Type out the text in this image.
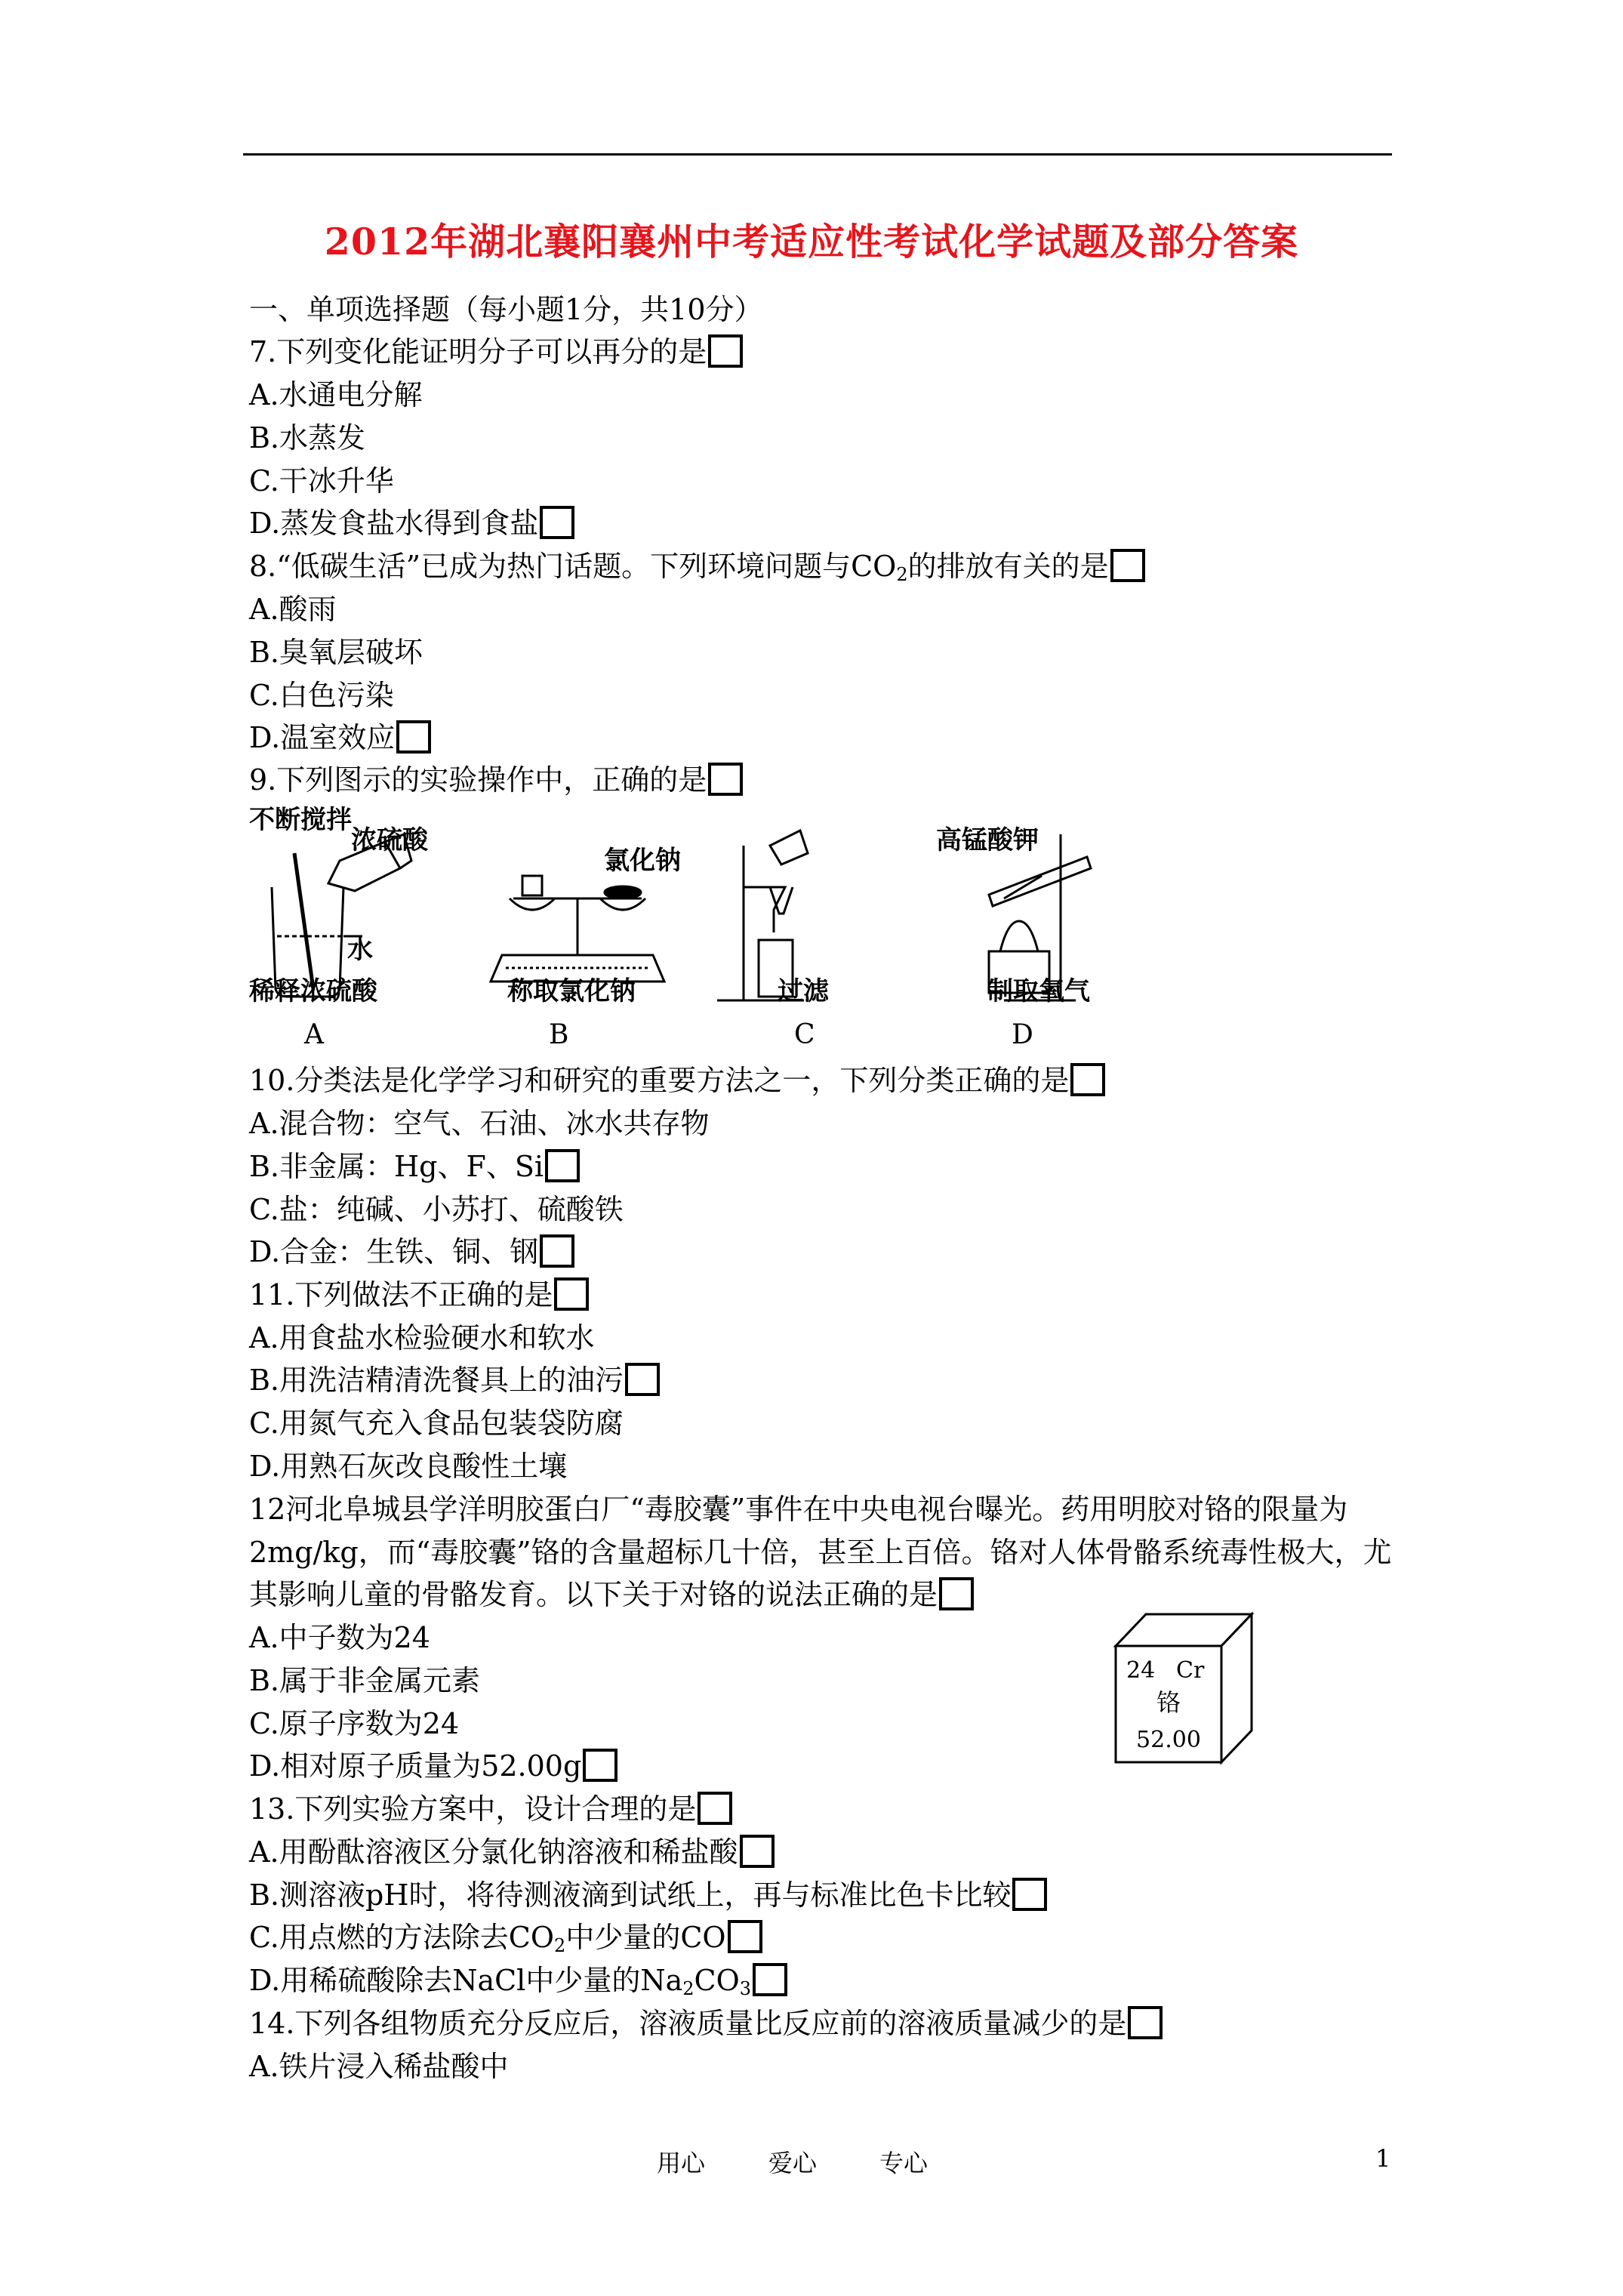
2012年湖北襄阳襄州中考适应性考试化学试题及部分答案
一、单项选择题（每小题1分，共10分）
7.下列变化能证明分子可以再分的是
A.水通电分解
B.水蒸发
C.干冰升华
D.蒸发食盐水得到食盐
8.“低碳生活”已成为热门话题。下列环境问题与$CO_2$的排放有关的是
A.酸雨
B.臭氧层破坏
C.白色污染
D.温室效应
9.下列图示的实验操作中，正确的是
不断搅拌
浓硫酸
水
氯化钠
高锰酸钾
稀释浓硫酸	称取氯化钠	过滤	制取氧气
A	B	C	D
10.分类法是化学学习和研究的重要方法之一，下列分类正确的是
A.混合物：空气、石油、冰水共存物
B.非金属：Hg、F、Si
C.盐：纯碱、小苏打、硫酸铁
D.合金：生铁、铜、钢
11.下列做法不正确的是
A.用食盐水检验硬水和软水
B.用洗洁精清洗餐具上的油污
C.用氮气充入食品包装袋防腐
D.用熟石灰改良酸性土壤
12河北阜城县学洋明胶蛋白厂“毒胶囊”事件在中央电视台曝光。药用明胶对铬的限量为
2mg/kg，而“毒胶囊”铬的含量超标几十倍，甚至上百倍。铬对人体骨骼系统毒性极大，尤
其影响儿童的骨骼发育。以下关于对铬的说法正确的是
A.中子数为24
B.属于非金属元素
C.原子序数为24
D.相对原子质量为52.00g
13.下列实验方案中，设计合理的是
A.用酚酞溶液区分氯化钠溶液和稀盐酸
B.测溶液pH时，将待测液滴到试纸上，再与标准比色卡比较
C.用点燃的方法除去$CO_2$中少量的CO
D.用稀硫酸除去NaCl中少量的$Na_2CO_3$
14.下列各组物质充分反应后，溶液质量比反应前的溶液质量减少的是
A.铁片浸入稀盐酸中
24 Cr
铬
52.00
用心	爱心	专心	1
